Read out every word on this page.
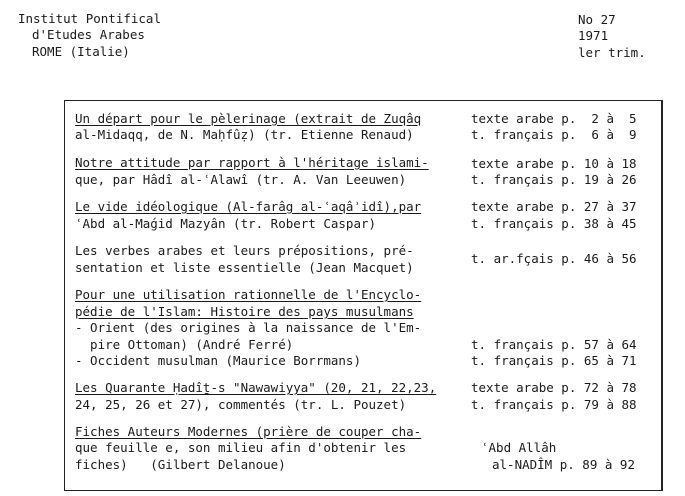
Institut Pontifical
d'Etudes Arabes
ROME (Italie)
No 27
1971
ler trim.
Un départ pour le pèlerinage (extrait de Zuqâq
al-Midaqq, de N. Maḥfûẓ) (tr. Etienne Renaud)
texte arabe p.  2 à  5
t. français p.  6 à  9
Notre attitude par rapport à l'héritage islami-
que, par Hâdî al-ʿAlawî (tr. A. Van Leeuwen)
texte arabe p. 10 à 18
t. français p. 19 à 26
Le vide idéologique (Al-farâg al-ʿaqâʾidî),par
ʿAbd al-Maǵid Mazyân (tr. Robert Caspar)
texte arabe p. 27 à 37
t. français p. 38 à 45
Les verbes arabes et leurs prépositions, pré-
sentation et liste essentielle (Jean Macquet)
t. ar.fçais p. 46 à 56
Pour une utilisation rationnelle de l'Encyclo-
pédie de l'Islam: Histoire des pays musulmans
- Orient (des origines à la naissance de l'Em-
pire Ottoman) (André Ferré)
- Occident musulman (Maurice Borrmans)
t. français p. 57 à 64
t. français p. 65 à 71
Les Quarante Ḥadîṯ-s "Nawawiyya" (20, 21, 22,23,
24, 25, 26 et 27), commentés (tr. L. Pouzet)
texte arabe p. 72 à 78
t. français p. 79 à 88
Fiches Auteurs Modernes (prière de couper cha-
que feuille e, son milieu afin d'obtenir les
fiches)   (Gilbert Delanoue)
ʿAbd Allâh
al-NADÎM p. 89 à 92
